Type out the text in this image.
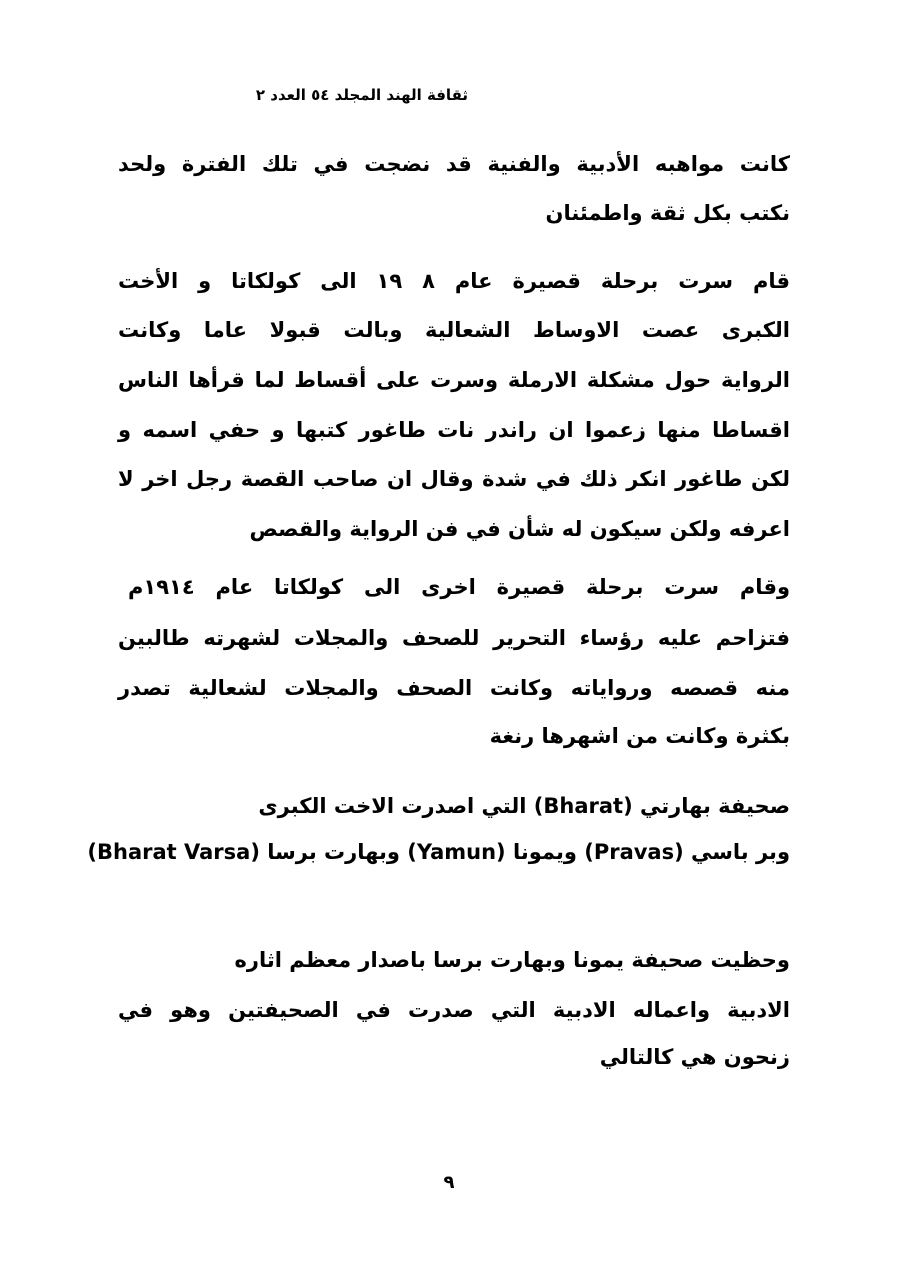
ثقافة الهند المجلد ٥٤ العدد ٢
كانت مواهبه الأدبية والفنية قد نضجت في تلك الفترة ولحد
نكتب بكل ثقة واطمئنان
قام سرت برحلة قصيرة عام ٨ ١٩ الى كولكاتا و الأخت
الكبرى عصت الاوساط الشعالية وبالت قبولا عاما وكانت
الرواية حول مشكلة الارملة وسرت على أقساط لما قرأها الناس
اقساطا منها زعموا ان راندر نات طاغور كتبها و حفي اسمه و
لكن طاغور انكر ذلك في شدة وقال ان صاحب القصة رجل اخر لا
اعرفه ولكن سيكون له شأن في فن الرواية والقصص
وقام سرت برحلة قصيرة اخرى الى كولكاتا عام ١٩١٤م
فتزاحم عليه رؤساء التحرير للصحف والمجلات لشهرته طالبين
منه قصصه ورواياته وكانت الصحف والمجلات لشعالية تصدر
بكثرة وكانت من اشهرها رنغة
صحيفة بهارتي (Bharat) التي اصدرت الاخت الكبرى
وبر باسي (Pravas) ويمونا (Yamun) وبهارت برسا (Bharat Varsa)
وحظيت صحيفة يمونا وبهارت برسا باصدار معظم اثاره
الادبية واعماله الادبية التي صدرت في الصحيفتين وهو في
زنحون هي كالتالي
٩
